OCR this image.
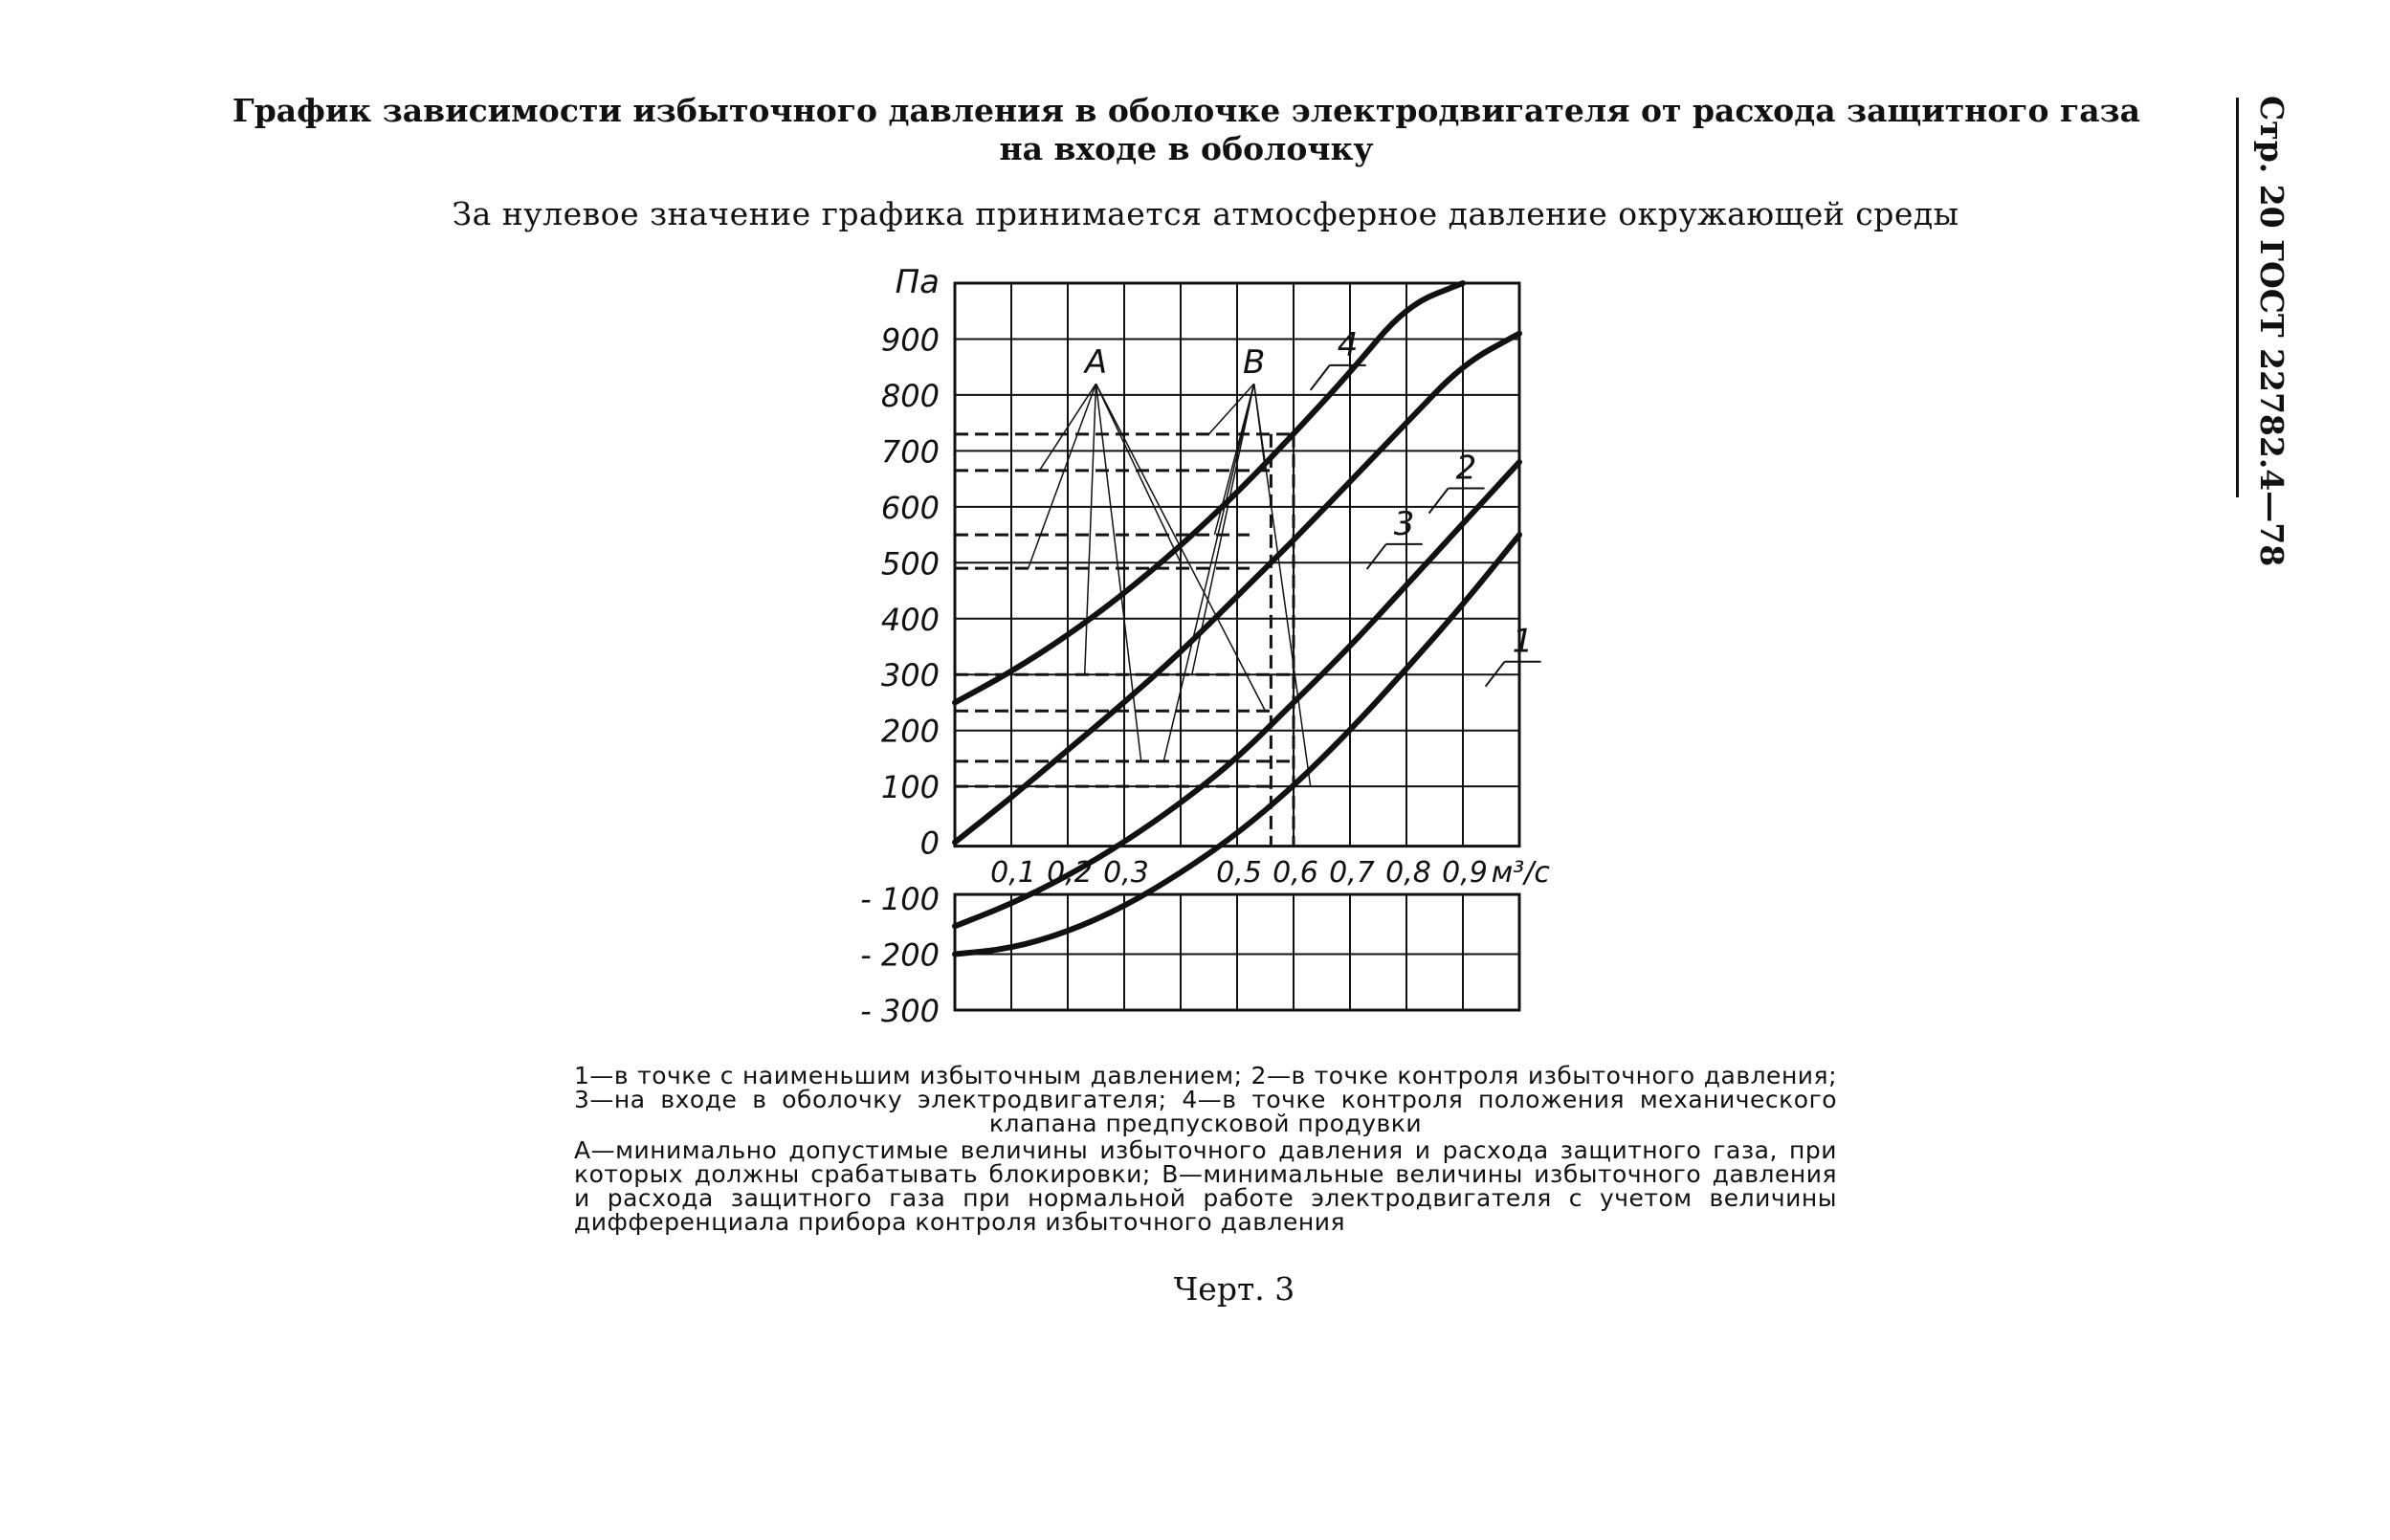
График зависимости избыточного давления в оболочке электродвигателя от расхода защитного газа на входе в оболочку
За нулевое значение графика принимается атмосферное давление окружающей среды	Стр. 20 ГОСТ 22782.4—78
А	В
1
2
3
4
Па
900
800
700
600
500
400
300
200
100
0
- 100
- 200
- 300
0,1 0,2 0,3 0,5 0,6 0,7 0,8 0,9 м³/с
1—в точке с наименьшим избыточным давлением; 2—в точке контроля избыточного давления; 3—на входе в оболочку электродвигателя; 4—в точке контроля положения механического клапана предпусковой продувки
А—минимально допустимые величины избыточного давления и расхода защитного газа, при которых должны срабатывать блокировки; В—минимальные величины избыточного давления и расхода защитного газа при нормальной работе электродвигателя с учетом величины дифференциала прибора контроля избыточного давления
Черт. 3
